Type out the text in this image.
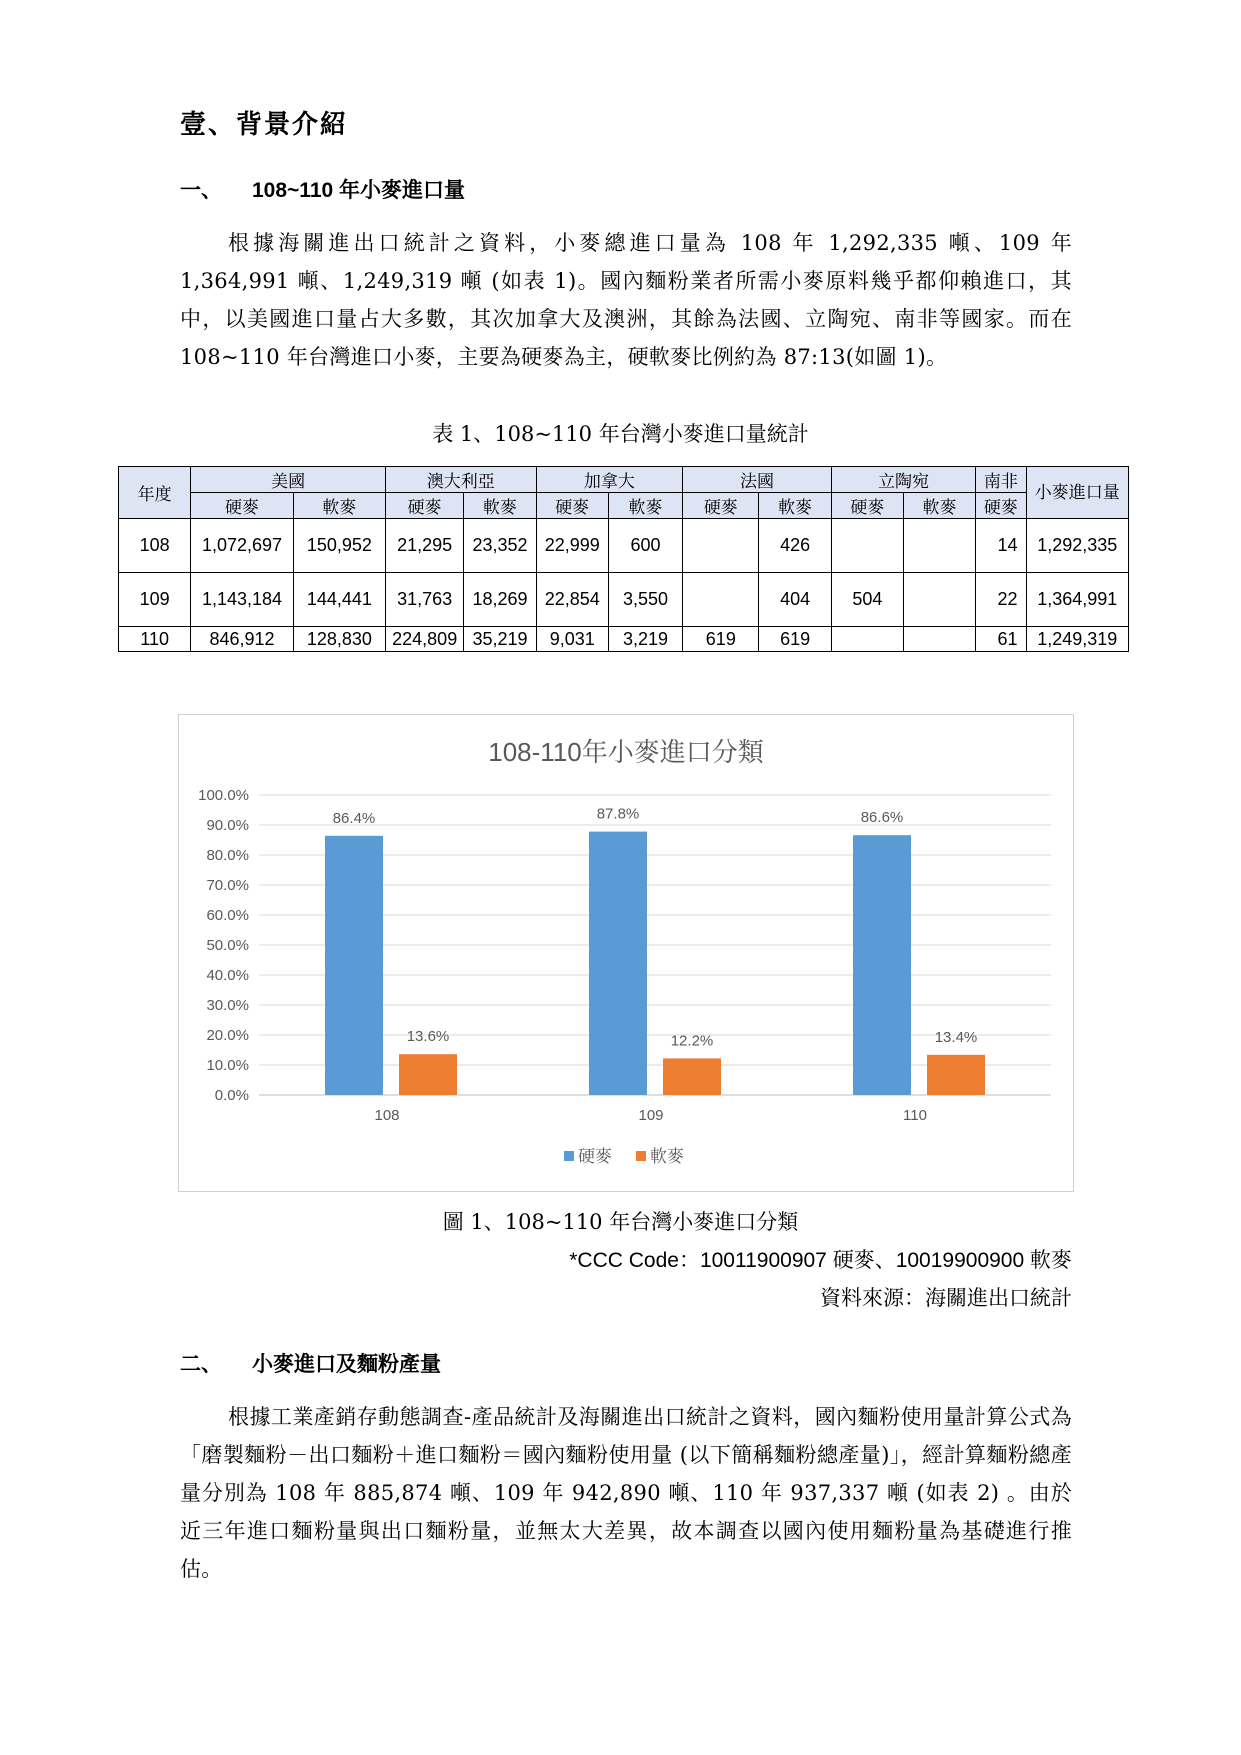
壹、背景介紹
一、 108~110 年小麥進口量
根據海關進出口統計之資料，小麥總進口量為 108 年 1,292,335 噸、109 年 1,364,991 噸、1,249,319 噸 (如表 1)。國內麵粉業者所需小麥原料幾乎都仰賴進口，其中，以美國進口量占大多數，其次加拿大及澳洲，其餘為法國、立陶宛、南非等國家。而在 108~110 年台灣進口小麥，主要為硬麥為主，硬軟麥比例約為 87:13(如圖 1)。
表 1、108~110 年台灣小麥進口量統計
年度	美國		澳大利亞		加拿大		法國		立陶宛		南非	小麥進口量
	硬麥	軟麥	硬麥	軟麥	硬麥	軟麥	硬麥	軟麥	硬麥	軟麥	硬麥	
108	1,072,697	150,952	21,295	23,352	22,999	600		426			14	1,292,335
109	1,143,184	144,441	31,763	18,269	22,854	3,550		404	504		22	1,364,991
110	846,912	128,830	224,809	35,219	9,031	3,219	619	619			61	1,249,319
108-110年小麥進口分類
0.0%
10.0%
20.0%
30.0%
40.0%
50.0%
60.0%
70.0%
80.0%
90.0%
100.0%
86.4%
13.6%
108
87.8%
12.2%
109
86.6%
13.4%
110
硬麥 軟麥
圖 1、108~110 年台灣小麥進口分類
*CCC Code：10011900907 硬麥、10019900900 軟麥
資料來源：海關進出口統計
二、 小麥進口及麵粉產量
根據工業產銷存動態調查-產品統計及海關進出口統計之資料，國內麵粉使用量計算公式為「磨製麵粉－出口麵粉＋進口麵粉＝國內麵粉使用量 (以下簡稱麵粉總產量)」，經計算麵粉總產量分別為 108 年 885,874 噸、109 年 942,890 噸、110 年 937,337 噸 (如表 2) 。由於近三年進口麵粉量與出口麵粉量，並無太大差異，故本調查以國內使用麵粉量為基礎進行推估。
